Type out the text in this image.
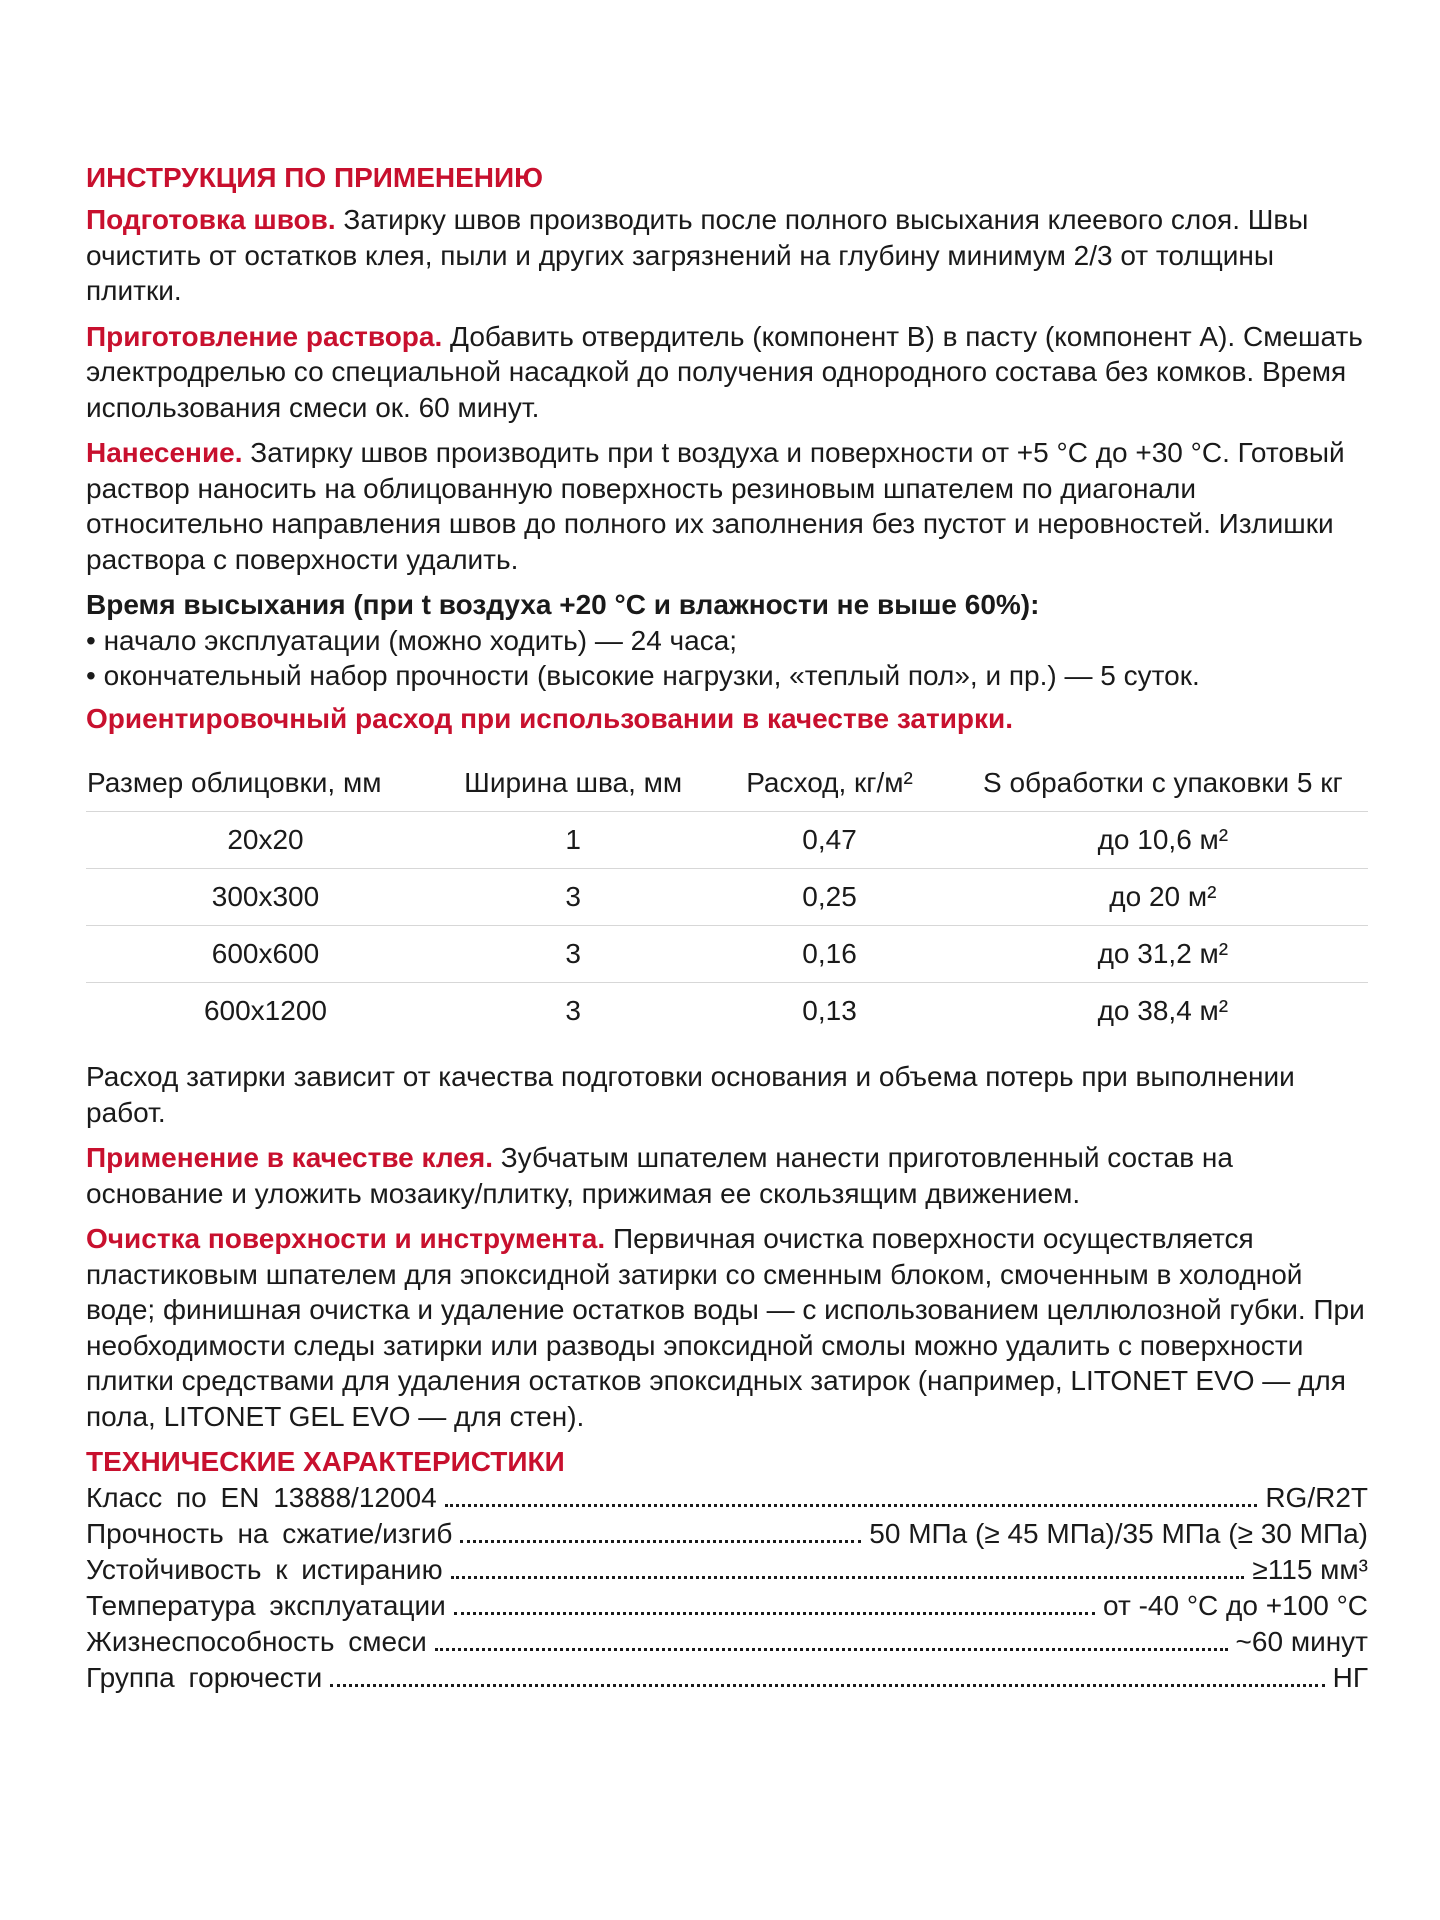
ИНСТРУКЦИЯ ПО ПРИМЕНЕНИЮ

Подготовка швов. Затирку швов производить после полного высыхания клеевого слоя. Швы очистить от остатков клея, пыли и других загрязнений на глубину минимум 2/3 от толщины плитки.

Приготовление раствора. Добавить отвердитель (компонент B) в пасту (компонент A). Смешать электродрелью со специальной насадкой до получения однородного состава без комков. Время использования смеси ок. 60 минут.

Нанесение. Затирку швов производить при t воздуха и поверхности от +5 °C до +30 °C. Готовый раствор наносить на облицованную поверхность резиновым шпателем по диагонали относительно направления швов до полного их заполнения без пустот и неровностей. Излишки раствора с поверхности удалить.

Время высыхания (при t воздуха +20 °C и влажности не выше 60%):

• начало эксплуатации (можно ходить) — 24 часа;

• окончательный набор прочности (высокие нагрузки, «теплый пол», и пр.) — 5 суток.

Ориентировочный расход при использовании в качестве затирки.
Размер облицовки, мм	Ширина шва, мм	Расход, кг/м²	S обработки с упаковки 5 кг
20х20	1	0,47	до 10,6 м²
300х300	3	0,25	до 20 м²
600х600	3	0,16	до 31,2 м²
600х1200	3	0,13	до 38,4 м²

Расход затирки зависит от качества подготовки основания и объема потерь при выполнении работ.

Применение в качестве клея. Зубчатым шпателем нанести приготовленный состав на основание и уложить мозаику/плитку, прижимая ее скользящим движением.

Очистка поверхности и инструмента. Первичная очистка поверхности осуществляется пластиковым шпателем для эпоксидной затирки со сменным блоком, смоченным в холодной воде; финишная очистка и удаление остатков воды — с использованием целлюлозной губки. При необходимости следы затирки или разводы эпоксидной смолы можно удалить с поверхности плитки средствами для удаления остатков эпоксидных затирок (например, LITONET EVO — для пола, LITONET GEL EVO — для стен).

ТЕХНИЧЕСКИЕ ХАРАКТЕРИСТИКИ
Класс по EN 13888/12004	RG/R2T
Прочность на сжатие/изгиб	50 МПа (≥ 45 МПа)/35 МПа (≥ 30 МПа)
Устойчивость к истиранию	≥115 мм³
Температура эксплуатации	от -40 °C до +100 °C
Жизнеспособность смеси	~60 минут
Группа горючести	НГ
